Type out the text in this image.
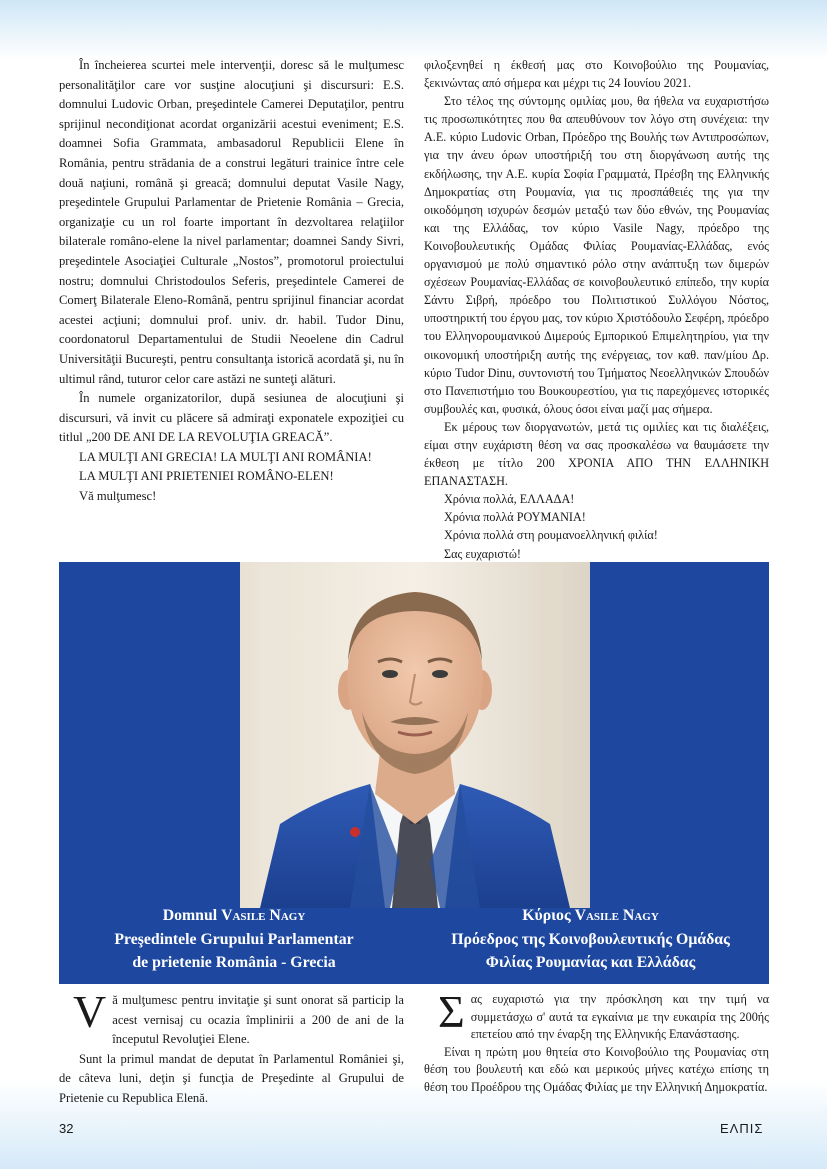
În încheierea scurtei mele intervenţii, doresc să le mulţumesc personalităţilor care vor susţine alocuţiuni şi discursuri: E.S. domnului Ludovic Orban, preşedintele Camerei Deputaţilor, pentru sprijinul necondiţionat acordat organizării acestui eveniment; E.S. doamnei Sofia Grammata, ambasadorul Republicii Elene în România, pentru strădania de a construi legături trainice între cele două naţiuni, română şi greacă; domnului deputat Vasile Nagy, preşedintele Grupului Parlamentar de Prietenie România – Grecia, organizaţie cu un rol foarte important în dezvoltarea relaţiilor bilaterale româno-elene la nivel parlamentar; doamnei Sandy Sivri, preşedintele Asociaţiei Culturale „Nostos”, promotorul proiectului nostru; domnului Christodoulos Seferis, preşedintele Camerei de Comerţ Bilaterale Eleno-Română, pentru sprijinul financiar acordat acestei acţiuni; domnului prof. univ. dr. habil. Tudor Dinu, coordonatorul Departamentului de Studii Neoelene din Cadrul Universităţii Bucureşti, pentru consultanţa istorică acordată şi, nu în ultimul rând, tuturor celor care astăzi ne sunteţi alături.

În numele organizatorilor, după sesiunea de alocuţiuni şi discursuri, vă invit cu plăcere să admiraţi exponatele expoziţiei cu titlul „200 DE ANI DE LA REVOLUŢIA GREACĂ”.

LA MULŢI ANI GRECIA! LA MULŢI ANI ROMÂNIA!

LA MULŢI ANI PRIETENIEI ROMÂNO-ELEN!

Vă mulţumesc!

φιλοξενηθεί η έκθεσή μας στο Κοινοβούλιο της Ρουμανίας, ξεκινώντας από σήμερα και μέχρι τις 24 Ιουνίου 2021.

Στο τέλος της σύντομης ομιλίας μου, θα ήθελα να ευχαριστήσω τις προσωπικότητες που θα απευθύνουν τον λόγο στη συνέχεια: την Α.Ε. κύριο Ludovic Orban, Πρόεδρο της Βουλής των Αντιπροσώπων, για την άνευ όρων υποστήριξή του στη διοργάνωση αυτής της εκδήλωσης, την Α.Ε. κυρία Σοφία Γραμματά, Πρέσβη της Ελληνικής Δημοκρατίας στη Ρουμανία, για τις προσπάθειές της για την οικοδόμηση ισχυρών δεσμών μεταξύ των δύο εθνών, της Ρουμανίας και της Ελλάδας, τον κύριο Vasile Nagy, πρόεδρο της Κοινοβουλευτικής Ομάδας Φιλίας Ρουμανίας-Ελλάδας, ενός οργανισμού με πολύ σημαντικό ρόλο στην ανάπτυξη των διμερών σχέσεων Ρουμανίας-Ελλάδας σε κοινοβουλευτικό επίπεδο, την κυρία Σάντυ Σιβρή, πρόεδρο του Πολιτιστικού Συλλόγου Νόστος, υποστηρικτή του έργου μας, τον κύριο Χριστόδουλο Σεφέρη, πρόεδρο του Ελληνορουμανικού Διμερούς Εμπορικού Επιμελητηρίου, για την οικονομική υποστήριξη αυτής της ενέργειας, τον καθ. παν/μίου Δρ. κύριο Tudor Dinu, συντονιστή του Τμήματος Νεοελληνικών Σπουδών στο Πανεπιστήμιο του Βουκουρεστίου, για τις παρεχόμενες ιστορικές συμβουλές και, φυσικά, όλους όσοι είναι μαζί μας σήμερα.

Εκ μέρους των διοργανωτών, μετά τις ομιλίες και τις διαλέξεις, είμαι στην ευχάριστη θέση να σας προσκαλέσω να θαυμάσετε την έκθεση με τίτλο 200 ΧΡΟΝΙΑ ΑΠΟ ΤΗΝ ΕΛΛΗΝΙΚΗ ΕΠΑΝΑΣΤΑΣΗ.

Χρόνια πολλά, ΕΛΛΑΔΑ!

Χρόνια πολλά ΡΟΥΜΑΝΙΑ!

Χρόνια πολλά στη ρουμανοελληνική φιλία!

Σας ευχαριστώ!

Domnul Vasile Nagy
Preşedintele Grupului Parlamentar
de prietenie România - Grecia
Κύριος Vasile Nagy
Πρόεδρος της Κοινοβουλευτικής Ομάδας
Φιλίας Ρουμανίας και Ελλάδας

Vă mulţumesc pentru invitaţie şi sunt onorat să particip la acest vernisaj cu ocazia împlinirii a 200 de ani de la începutul Revoluţiei Elene.

Sunt la primul mandat de deputat în Parlamentul României şi, de câteva luni, deţin şi funcţia de Preşedinte al Grupului de Prietenie cu Republica Elenă.

Σας ευχαριστώ για την πρόσκληση και την τιμή να συμμετάσχω σ' αυτά τα εγκαίνια με την ευκαιρία της 200ής επετείου από την έναρξη της Ελληνικής Επανάστασης.

Είναι η πρώτη μου θητεία στο Κοινοβούλιο της Ρουμανίας στη θέση του βουλευτή και εδώ και μερικούς μήνες κατέχω επίσης τη θέση του Προέδρου της Ομάδας Φιλίας με την Ελληνική Δημοκρατία.

32	ΕΛΠΙΣ
